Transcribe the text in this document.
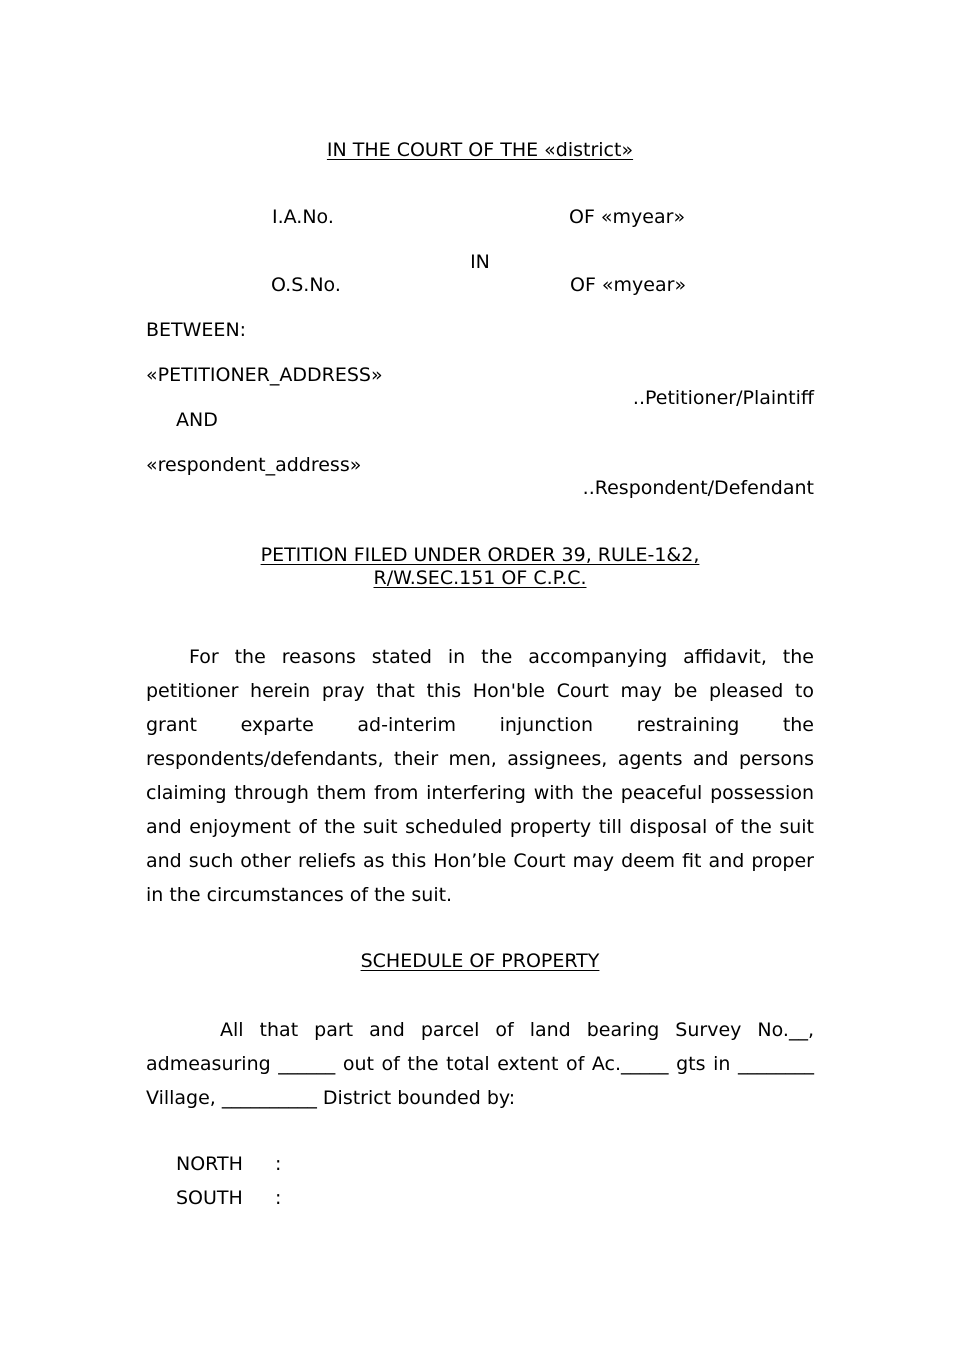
IN THE COURT OF THE «district»
I.A.No.	OF «myear»
IN
O.S.No.	OF «myear»
BETWEEN:
«PETITIONER_ADDRESS»
..Petitioner/Plaintiff
AND
«respondent_address»
..Respondent/Defendant
PETITION FILED UNDER ORDER 39, RULE-1&2,
R/W.SEC.151 OF C.P.C.
For the reasons stated in the accompanying affidavit, the petitioner herein pray that this Hon'ble Court may be pleased to grant exparte ad-interim injunction restraining the respondents/defendants, their men, assignees, agents and persons claiming through them from interfering with the peaceful possession and enjoyment of the suit scheduled property till disposal of the suit and such other reliefs as this Hon’ble Court may deem fit and proper in the circumstances of the suit.
SCHEDULE OF PROPERTY
All that part and parcel of land bearing Survey No.__, admeasuring ______ out of the total extent of Ac._____ gts in ________ Village, __________ District bounded by:
NORTH :
SOUTH :
